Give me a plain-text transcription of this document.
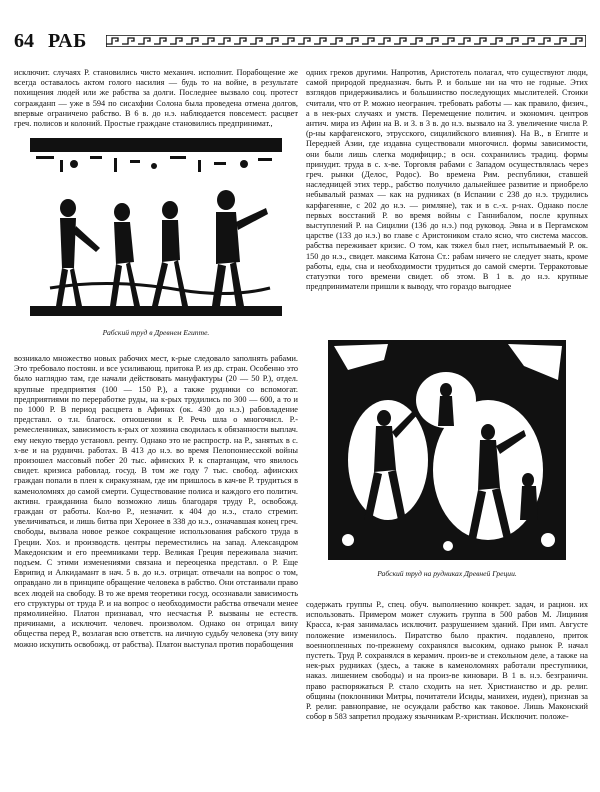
64 РАБ

исключит. случаях Р. становились чисто механич. исполнит. Порабощение же всегда оставалось актом голого насилия — будь то на войне, в результате похищения людей или же рабства за долги. Последнее вызвало соц. протест согражданп — уже в 594 по сисахфии Солона была проведена отмена долгов, впервые ограничено рабство. В 6 в. до н.э. наблюдается повсемест. расцвет греч. полисов и колоний. Простые граждане становились предпринимат.,

Рабский труд в Древнем Египте.

возникало множество новых рабочих мест, к-рые следовало заполнять рабами. Это требовало постоян. и все усиливающ. притока Р. из др. стран. Особенно это было наглядно там, где начали действовать мануфактуры (20 — 50 Р.), отдел. крупные предприятия (100 — 150 Р.), а также рудники со вспомогат. предприятиями по переработке руды, на к-рых трудились по 300 — 600, а то и по 1000 Р. В период расцвета в Афинах (ок. 430 до н.э.) рабовладение представл. о т.н. благоск. отношении к Р. Речь шла о многочисл. Р.-ремесленниках, зависимость к-рых от хозяина сводилась к обязанности выплач. ему некую твердо установл. ренту. Однако это не распростр. на Р., занятых в с. х-ве и на рудничн. работах. В 413 до н.э. во время Пелопоннесской войны произошел массовый побег 20 тыс. афинских Р. к спартанцам, что явилось свидет. кризиса рабовлад. госуд. В том же году 7 тыс. свобод. афинских граждан попали в плен к сиракузянам, где им пришлось в кач-ве Р. трудиться в каменоломнях до самой смерти. Существование полиса и каждого его политич. активн. гражданина было возможно лишь благодаря труду Р., освобожд. граждан от работы. Кол-во Р., незначит. к 404 до н.э., стало стремит. увеличиваться, и лишь битва при Херонее в 338 до н.э., означавшая конец греч. свободы, вызвала новое резкое сокращение использования рабского труда в Греции. Хоз. и производств. центры переместились на запад. Александром Македонским и его преемниками терр. Великая Греция переживала значит. подъем. С этими изменениями связана и переоценка представл. о Р. Еще Еврипид и Алкидамант в нач. 5 в. до н.э. отрицат. отвечали на вопрос о том, оправдано ли в принципе обращение человека в рабство. Они отстаивали право всех людей на свободу. В то же время теоретики госуд. осознавали зависимость его структуры от труда Р. и на вопрос о необходимости рабства отвечали менее прямолинейно. Платон признавал, что несчастья Р. вызваны не естеств. причинами, а исключит. человеч. произволом. Однако он отрицал вину общества перед Р., возлагая всю ответств. на личную судьбу человека (эту вину можно искупить освобожд. от рабства). Платон выступал против порабощения

одних греков другими. Напротив, Аристотель полагал, что существуют люди, самой природой предназнач. быть Р. и больше ни на что не годные. Этих взглядов придерживались и большинство последующих мыслителей. Стоики считали, что от Р. можно неогранич. требовать работы — как правило, физич., а в нек-рых случаях и умств. Перемещение политич. и экономич. центров антич. мира из Афин на В. и З. в 3 в. до н.э. вызвало на З. увеличение числа Р. (р-ны карфагенского, этрусского, сицилийского влияния). На В., в Египте и Передней Азии, где издавна существовали многочисл. формы зависимости, они были лишь слегка модифицир.; в осн. сохранились традиц. формы принудит. труда в с. х-ве. Торговля рабами с Западом осуществлялась через греч. рынки (Делос, Родос). Во времена Рим. республики, ставшей наследницей этих терр., рабство получило дальнейшее развитие и приобрело небывалый размах — как на рудниках (в Испании с 238 до н.э. трудились карфагеняне, с 202 до н.э. — римляне), так и в с.-х. р-нах. Однако после первых восстаний Р. во время войны с Ганнибалом, после крупных выступлений Р. на Сицилии (136 до н.э.) под руковод. Эвна и в Пергамском царстве (133 до н.э.) во главе с Аристоником стало ясно, что система массов. рабства переживает кризис. О том, как тяжел был гнет, испытываемый Р. ок. 150 до н.э., свидет. максима Катона Ст.: рабам ничего не следует знать, кроме работы, еды, сна и необходимости трудиться до самой смерти. Терракотовые статуэтки того времени свидет. об этом. В 1 в. до н.э. крупные предприниматели пришли к выводу, что гораздо выгоднее

Рабский труд на рудниках Древней Греции.

содержать группы Р., спец. обуч. выполнению конкрет. задач, и рацион. их использовать. Примером может служить группа в 500 рабов М. Лициния Красса, к-рая занималась исключит. разрушением зданий. При имп. Августе положение изменилось. Пиратство было практич. подавлено, приток военнопленных по-прежнему сохранялся высоким, однако рынок Р. начал пустеть. Труд Р. сохранялся в керамич. произ-ве и стекольном деле, а также на нек-рых рудниках (здесь, а также в каменоломнях работали преступники, наказ. лишением свободы) и на произ-ве киновари. В 1 в. н.э. безграничн. право распоряжаться Р. стало сходить на нет. Христианство и др. религ. общины (поклонники Митры, почитатели Исиды, манихеи, иудеи), признав за Р. религ. равноправие, не осуждали рабство как таковое. Лишь Маконский собор в 583 запретил продажу язычникам Р.-христиан. Исключит. положе-
